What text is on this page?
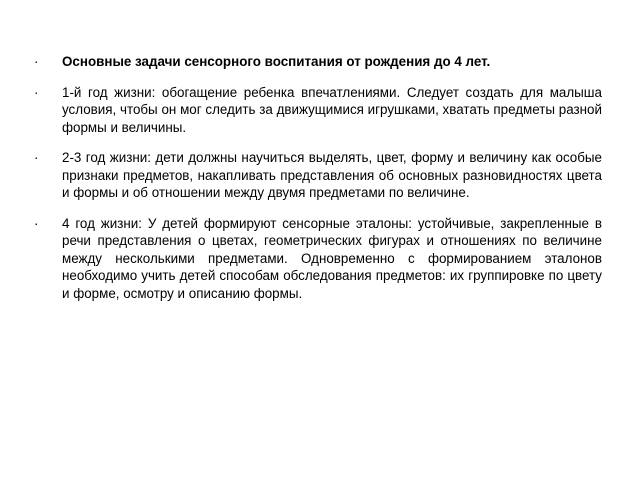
·	Основные задачи сенсорного воспитания от рождения до 4 лет.
·	1-й год жизни: обогащение ребенка впечатлениями. Следует создать для малыша условия, чтобы он мог следить за движущимися игрушками, хватать предметы разной формы и величины.
·	2-3 год жизни: дети должны научиться выделять, цвет, форму и величину как особые признаки предметов, накапливать представления об основных разновидностях цвета и формы и об отношении между двумя предметами по величине.
·	4 год жизни: У детей формируют сенсорные эталоны: устойчивые, закрепленные в речи представления о цветах, геометрических фигурах и отношениях по величине между несколькими предметами. Одновременно с формированием эталонов необходимо учить детей способам обследования предметов: их группировке по цвету и форме, осмотру и описанию формы.
